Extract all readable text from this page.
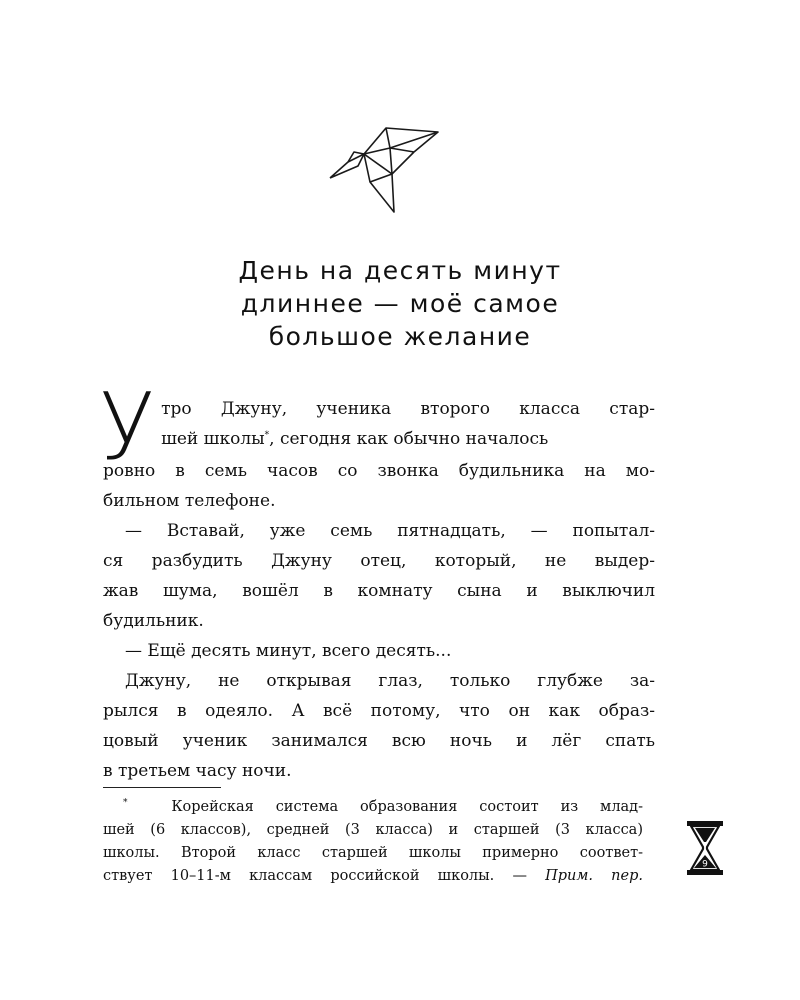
День на десять минут
длиннее — моё самое
большое желание
У тро Джуну, ученика второго класса стар-
шей школы*, сегодня как обычно началось
ровно в семь часов со звонка будильника на мо-
бильном телефоне.
— Вставай, уже семь пятнадцать, — попытал-
ся разбудить Джуну отец, который, не выдер-
жав шума, вошёл в комнату сына и выключил
будильник.
— Ещё десять минут, всего десять...
Джуну, не открывая глаз, только глубже за-
рылся в одеяло. А всё потому, что он как образ-
цовый ученик занимался всю ночь и лёг спать
в третьем часу ночи.
*	Корейская система образования состоит из млад-
шей (6 классов), средней (3 класса) и старшей (3 класса)
школы. Второй класс старшей школы примерно соответ-
ствует 10–11-м классам российской школы. — Прим. пер.
9
